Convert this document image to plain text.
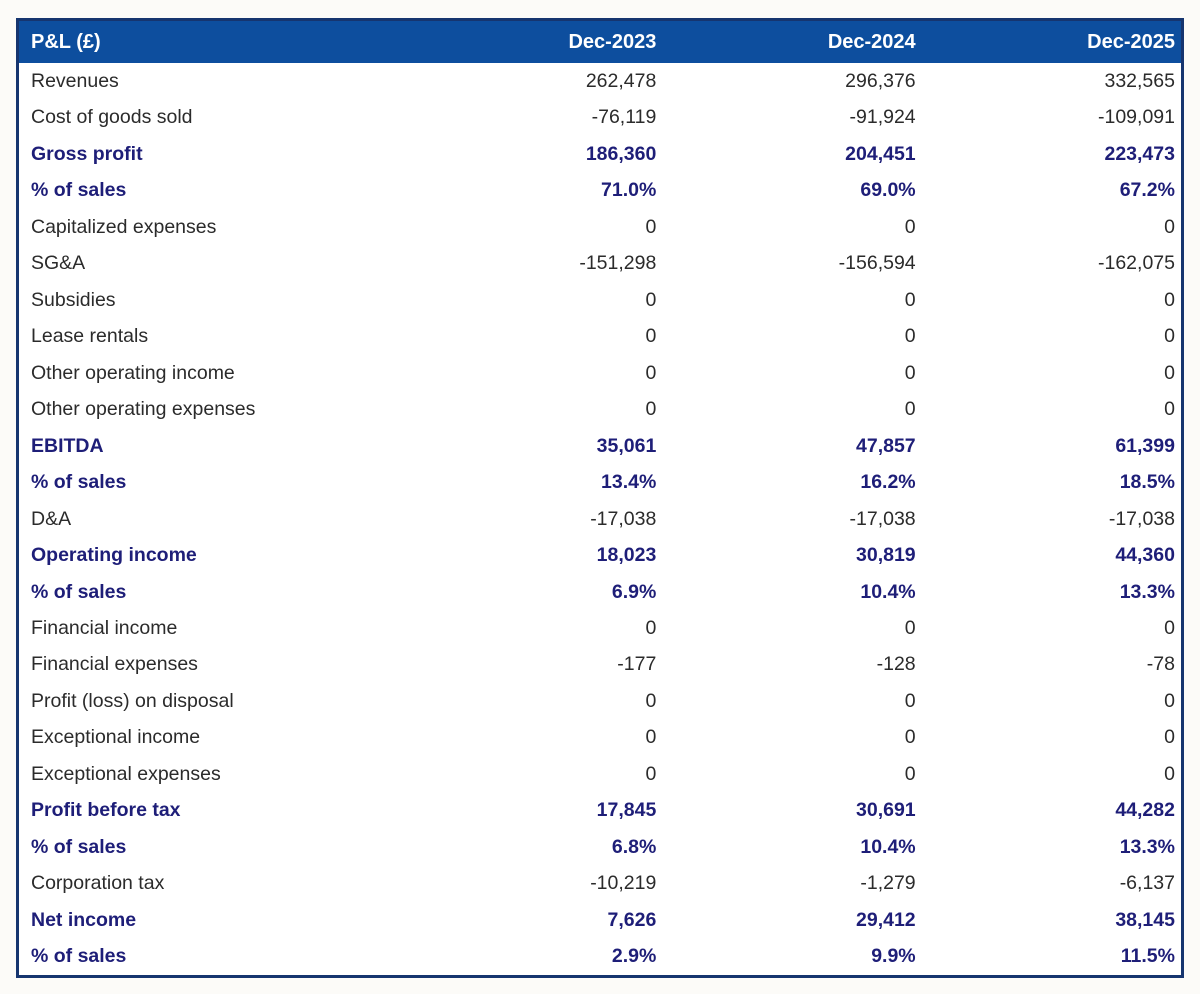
P&L (£)	Dec-2023	Dec-2024	Dec-2025
Revenues	262,478	296,376	332,565
Cost of goods sold	-76,119	-91,924	-109,091
Gross profit	186,360	204,451	223,473
% of sales	71.0%	69.0%	67.2%
Capitalized expenses	0	0	0
SG&A	-151,298	-156,594	-162,075
Subsidies	0	0	0
Lease rentals	0	0	0
Other operating income	0	0	0
Other operating expenses	0	0	0
EBITDA	35,061	47,857	61,399
% of sales	13.4%	16.2%	18.5%
D&A	-17,038	-17,038	-17,038
Operating income	18,023	30,819	44,360
% of sales	6.9%	10.4%	13.3%
Financial income	0	0	0
Financial expenses	-177	-128	-78
Profit (loss) on disposal	0	0	0
Exceptional income	0	0	0
Exceptional expenses	0	0	0
Profit before tax	17,845	30,691	44,282
% of sales	6.8%	10.4%	13.3%
Corporation tax	-10,219	-1,279	-6,137
Net income	7,626	29,412	38,145
% of sales	2.9%	9.9%	11.5%
